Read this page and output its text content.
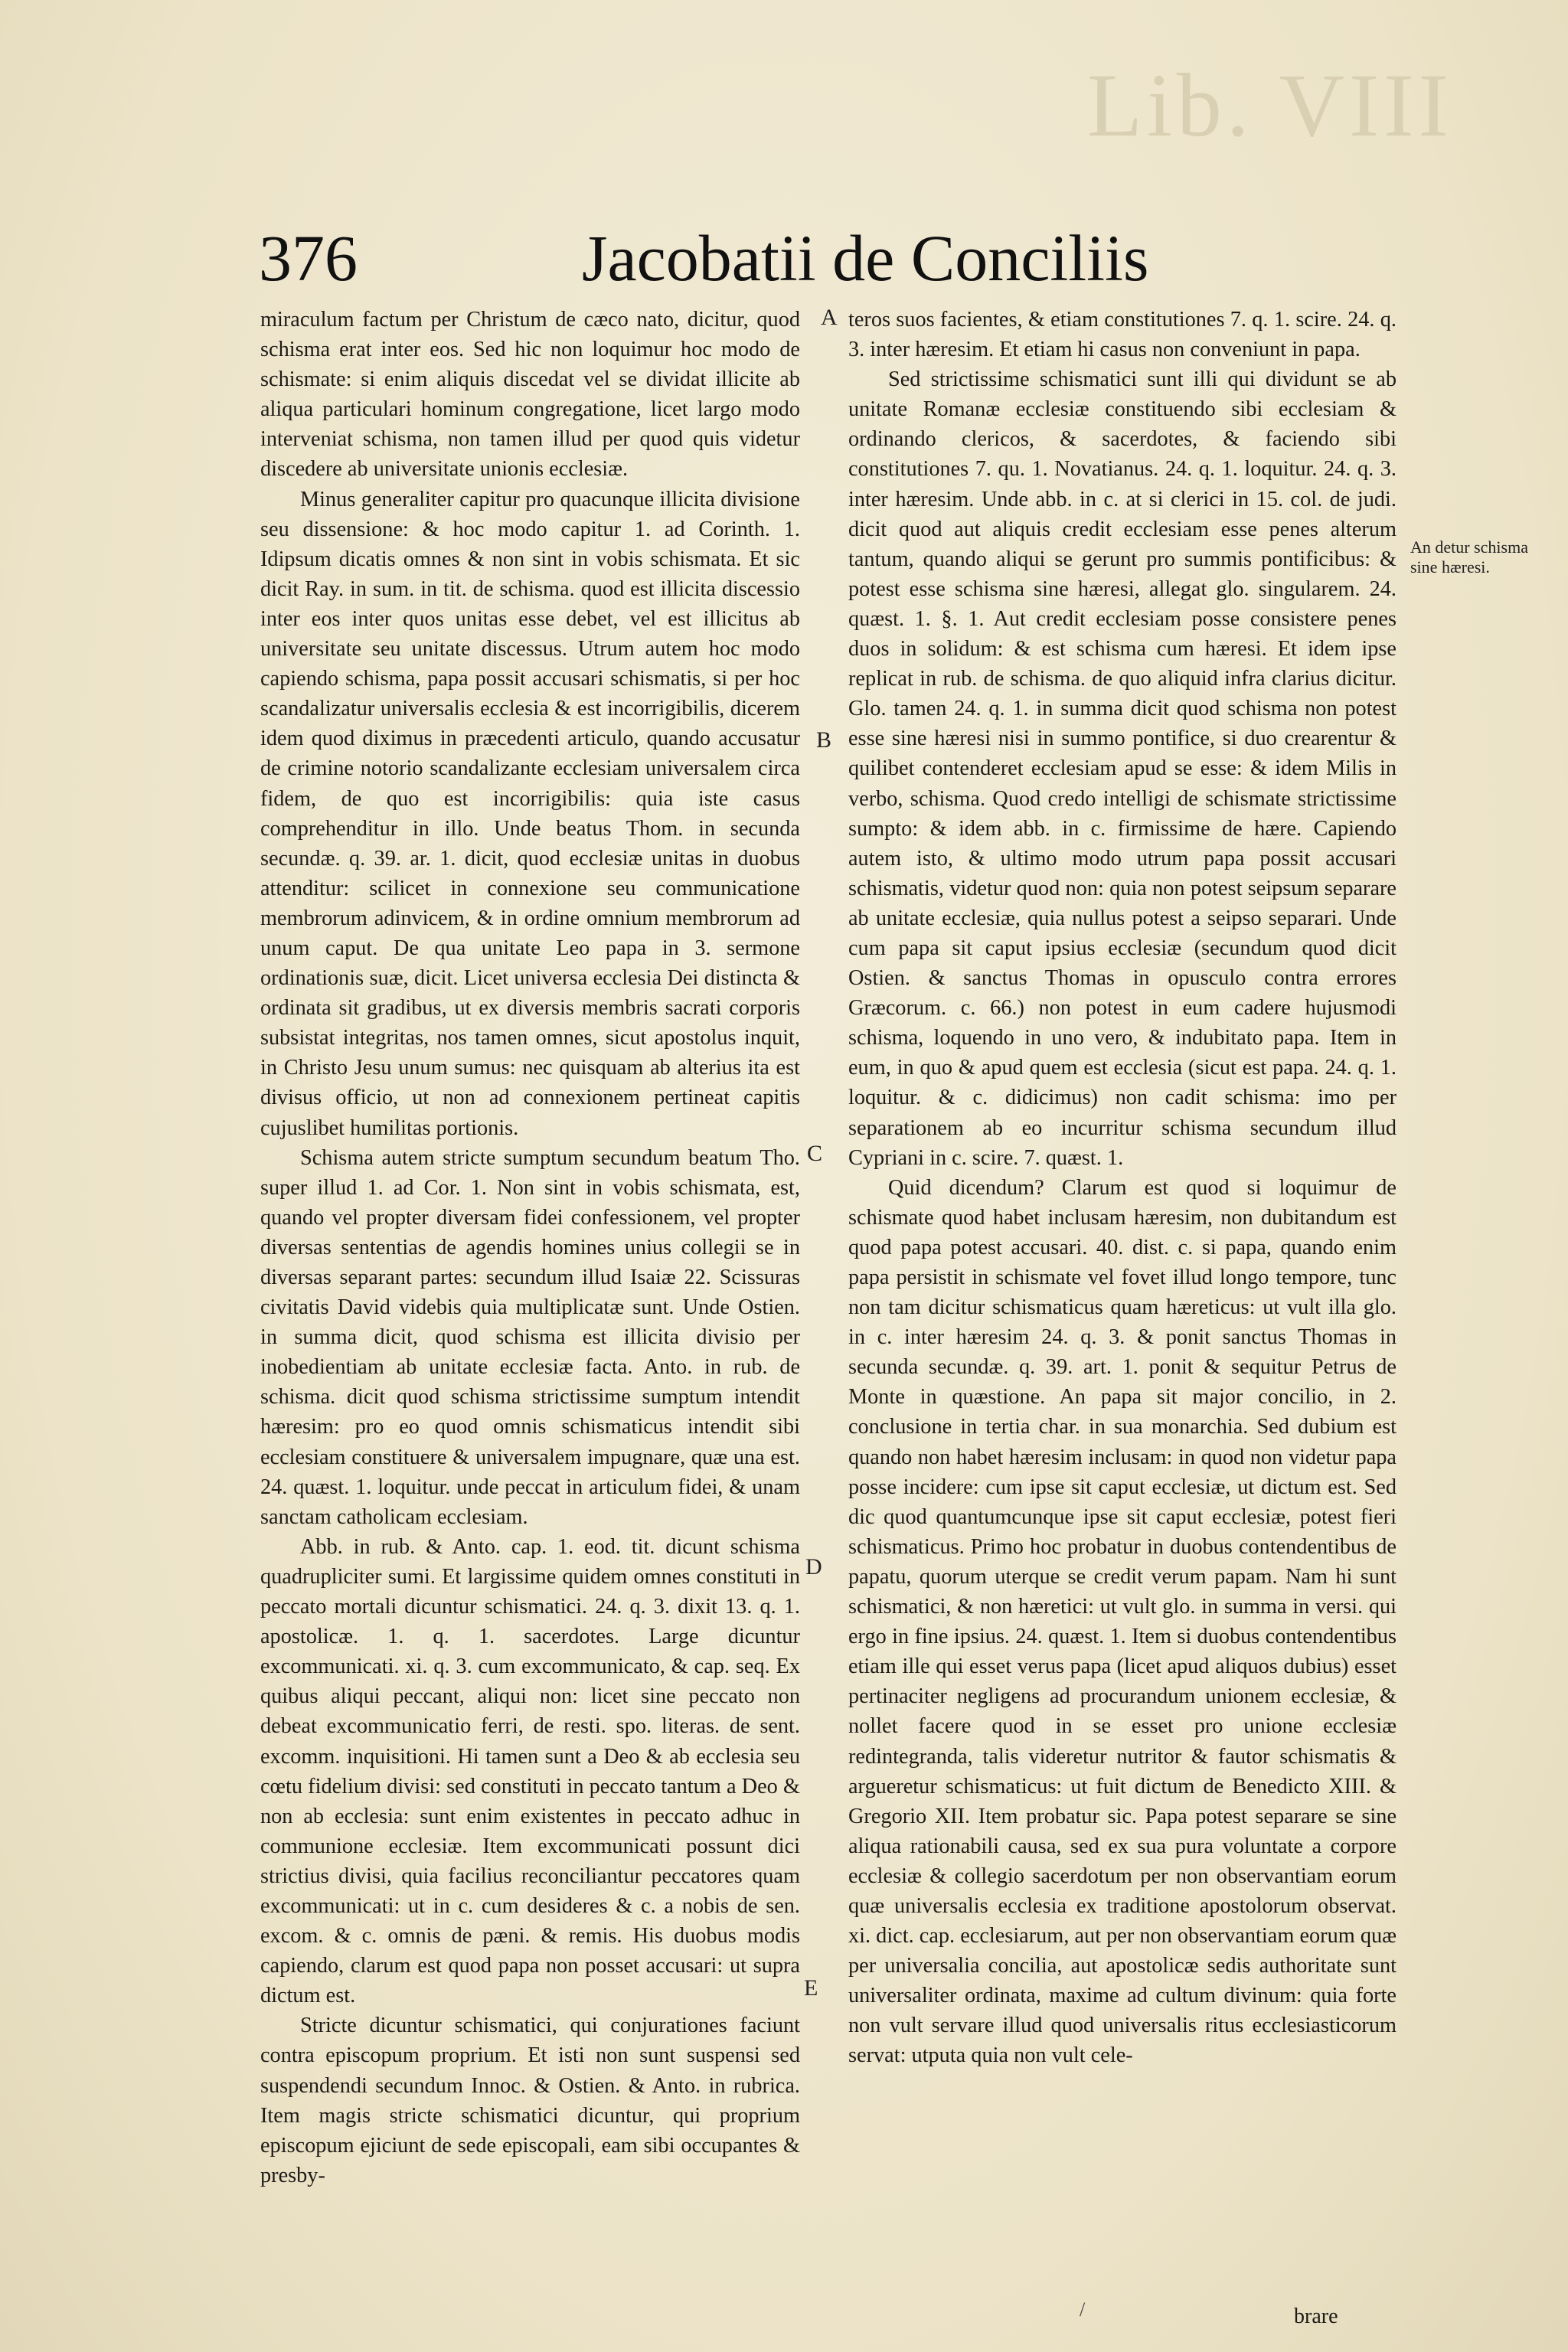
Lib. VIII
376	Jacobatii de Conciliis

miraculum factum per Christum de cæco nato, dicitur, quod schisma erat inter eos. Sed hic non loquimur hoc modo de schismate: si enim aliquis discedat vel se dividat illicite ab aliqua particulari hominum congregatione, licet largo modo interveniat schisma, non tamen illud per quod quis videtur discedere ab universitate unionis ecclesiæ.

Minus generaliter capitur pro quacunque illicita divisione seu dissensione: & hoc modo capitur 1. ad Corinth. 1. Idipsum dicatis omnes & non sint in vobis schismata. Et sic dicit Ray. in sum. in tit. de schisma. quod est illicita discessio inter eos inter quos unitas esse debet, vel est illicitus ab universitate seu unitate discessus. Utrum autem hoc modo capiendo schisma, papa possit accusari schismatis, si per hoc scandalizatur universalis ecclesia & est incorrigibilis, dicerem idem quod diximus in præcedenti articulo, quando accusatur de crimine notorio scandalizante ecclesiam universalem circa fidem, de quo est incorrigibilis: quia iste casus comprehenditur in illo. Unde beatus Thom. in secunda secundæ. q. 39. ar. 1. dicit, quod ecclesiæ unitas in duobus attenditur: scilicet in connexione seu communicatione membrorum adinvicem, & in ordine omnium membrorum ad unum caput. De qua unitate Leo papa in 3. sermone ordinationis suæ, dicit. Licet universa ecclesia Dei distincta & ordinata sit gradibus, ut ex diversis membris sacrati corporis subsistat integritas, nos tamen omnes, sicut apostolus inquit, in Christo Jesu unum sumus: nec quisquam ab alterius ita est divisus officio, ut non ad connexionem pertineat capitis cujuslibet humilitas portionis.

Schisma autem stricte sumptum secundum beatum Tho. super illud 1. ad Cor. 1. Non sint in vobis schismata, est, quando vel propter diversam fidei confessionem, vel propter diversas sententias de agendis homines unius collegii se in diversas separant partes: secundum illud Isaiæ 22. Scissuras civitatis David videbis quia multiplicatæ sunt. Unde Ostien. in summa dicit, quod schisma est illicita divisio per inobedientiam ab unitate ecclesiæ facta. Anto. in rub. de schisma. dicit quod schisma strictissime sumptum intendit hæresim: pro eo quod omnis schismaticus intendit sibi ecclesiam constituere & universalem impugnare, quæ una est. 24. quæst. 1. loquitur. unde peccat in articulum fidei, & unam sanctam catholicam ecclesiam.

Abb. in rub. & Anto. cap. 1. eod. tit. dicunt schisma quadrupliciter sumi. Et largissime quidem omnes constituti in peccato mortali dicuntur schismatici. 24. q. 3. dixit 13. q. 1. apostolicæ. 1. q. 1. sacerdotes. Large dicuntur excommunicati. xi. q. 3. cum excommunicato, & cap. seq. Ex quibus aliqui peccant, aliqui non: licet sine peccato non debeat excommunicatio ferri, de resti. spo. literas. de sent. excomm. inquisitioni. Hi tamen sunt a Deo & ab ecclesia seu cœtu fidelium divisi: sed constituti in peccato tantum a Deo & non ab ecclesia: sunt enim existentes in peccato adhuc in communione ecclesiæ. Item excommunicati possunt dici strictius divisi, quia facilius reconciliantur peccatores quam excommunicati: ut in c. cum desideres & c. a nobis de sen. excom. & c. omnis de pæni. & remis. His duobus modis capiendo, clarum est quod papa non posset accusari: ut supra dictum est.

Stricte dicuntur schismatici, qui conjurationes faciunt contra episcopum proprium. Et isti non sunt suspensi sed suspendendi secundum Innoc. & Ostien. & Anto. in rubrica. Item magis stricte schismatici dicuntur, qui proprium episcopum ejiciunt de sede episcopali, eam sibi occupantes & presby-

A
B
C
D
E

teros suos facientes, & etiam constitutiones 7. q. 1. scire. 24. q. 3. inter hæresim. Et etiam hi casus non conveniunt in papa.

Sed strictissime schismatici sunt illi qui dividunt se ab unitate Romanæ ecclesiæ constituendo sibi ecclesiam & ordinando clericos, & sacerdotes, & faciendo sibi constitutiones 7. qu. 1. Novatianus. 24. q. 1. loquitur. 24. q. 3. inter hæresim. Unde abb. in c. at si clerici in 15. col. de judi. dicit quod aut aliquis credit ecclesiam esse penes alterum tantum, quando aliqui se gerunt pro summis pontificibus: & potest esse schisma sine hæresi, allegat glo. singularem. 24. quæst. 1. §. 1. Aut credit ecclesiam posse consistere penes duos in solidum: & est schisma cum hæresi. Et idem ipse replicat in rub. de schisma. de quo aliquid infra clarius dicitur. Glo. tamen 24. q. 1. in summa dicit quod schisma non potest esse sine hæresi nisi in summo pontifice, si duo crearentur & quilibet contenderet ecclesiam apud se esse: & idem Milis in verbo, schisma. Quod credo intelligi de schismate strictissime sumpto: & idem abb. in c. firmissime de hære. Capiendo autem isto, & ultimo modo utrum papa possit accusari schismatis, videtur quod non: quia non potest seipsum separare ab unitate ecclesiæ, quia nullus potest a seipso separari. Unde cum papa sit caput ipsius ecclesiæ (secundum quod dicit Ostien. & sanctus Thomas in opusculo contra errores Græcorum. c. 66.) non potest in eum cadere hujusmodi schisma, loquendo in uno vero, & indubitato papa. Item in eum, in quo & apud quem est ecclesia (sicut est papa. 24. q. 1. loquitur. & c. didicimus) non cadit schisma: imo per separationem ab eo incurritur schisma secundum illud Cypriani in c. scire. 7. quæst. 1.

Quid dicendum? Clarum est quod si loquimur de schismate quod habet inclusam hæresim, non dubitandum est quod papa potest accusari. 40. dist. c. si papa, quando enim papa persistit in schismate vel fovet illud longo tempore, tunc non tam dicitur schismaticus quam hæreticus: ut vult illa glo. in c. inter hæresim 24. q. 3. & ponit sanctus Thomas in secunda secundæ. q. 39. art. 1. ponit & sequitur Petrus de Monte in quæstione. An papa sit major concilio, in 2. conclusione in tertia char. in sua monarchia. Sed dubium est quando non habet hæresim inclusam: in quod non videtur papa posse incidere: cum ipse sit caput ecclesiæ, ut dictum est. Sed dic quod quantumcunque ipse sit caput ecclesiæ, potest fieri schismaticus. Primo hoc probatur in duobus contendentibus de papatu, quorum uterque se credit verum papam. Nam hi sunt schismatici, & non hæretici: ut vult glo. in summa in versi. qui ergo in fine ipsius. 24. quæst. 1. Item si duobus contendentibus etiam ille qui esset verus papa (licet apud aliquos dubius) esset pertinaciter negligens ad procurandum unionem ecclesiæ, & nollet facere quod in se esset pro unione ecclesiæ redintegranda, talis videretur nutritor & fautor schismatis & argueretur schismaticus: ut fuit dictum de Benedicto XIII. & Gregorio XII. Item probatur sic. Papa potest separare se sine aliqua rationabili causa, sed ex sua pura voluntate a corpore ecclesiæ & collegio sacerdotum per non observantiam eorum quæ universalis ecclesia ex traditione apostolorum observat. xi. dict. cap. ecclesiarum, aut per non observantiam eorum quæ per universalia concilia, aut apostolicæ sedis authoritate sunt universaliter ordinata, maxime ad cultum divinum: quia forte non vult servare illud quod universalis ritus ecclesiasticorum servat: utputa quia non vult cele-

An detur schisma sine hæresi.
/	brare
